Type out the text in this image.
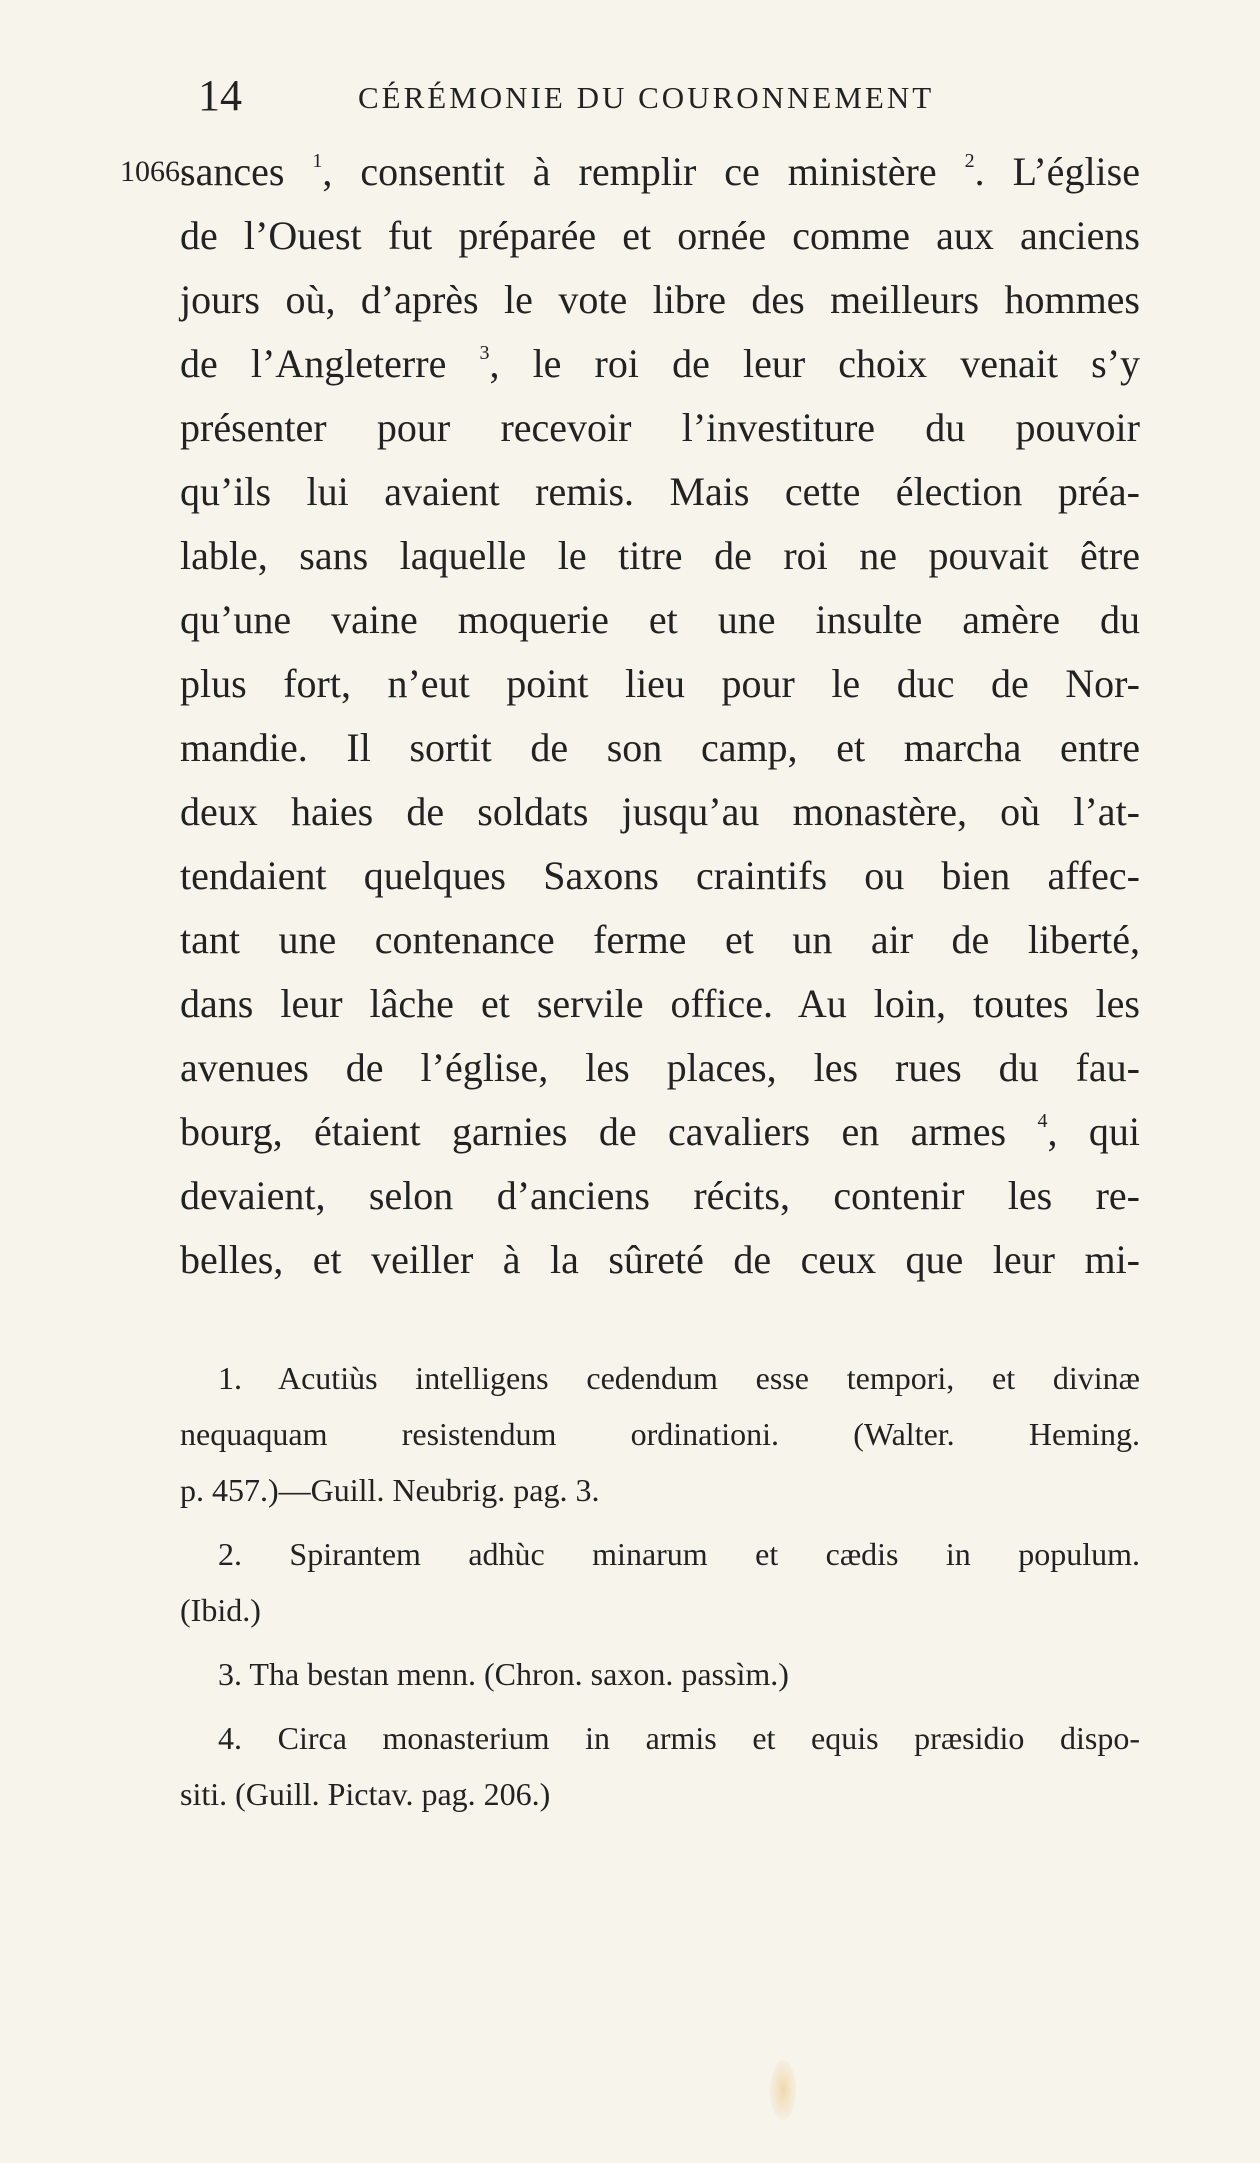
14	CÉRÉMONIE DU COURONNEMENT
1066.
sances $^1$, consentit à remplir ce ministère $^2$. L’église
de l’Ouest fut préparée et ornée comme aux anciens
jours où, d’après le vote libre des meilleurs hommes
de l’Angleterre $^3$, le roi de leur choix venait s’y
présenter pour recevoir l’investiture du pouvoir
qu’ils lui avaient remis. Mais cette élection préa-
lable, sans laquelle le titre de roi ne pouvait être
qu’une vaine moquerie et une insulte amère du
plus fort, n’eut point lieu pour le duc de Nor-
mandie. Il sortit de son camp, et marcha entre
deux haies de soldats jusqu’au monastère, où l’at-
tendaient quelques Saxons craintifs ou bien affec-
tant une contenance ferme et un air de liberté,
dans leur lâche et servile office. Au loin, toutes les
avenues de l’église, les places, les rues du fau-
bourg, étaient garnies de cavaliers en armes $^4$, qui
devaient, selon d’anciens récits, contenir les re-
belles, et veiller à la sûreté de ceux que leur mi-
1. Acutiùs intelligens cedendum esse tempori, et divinæ
nequaquam resistendum ordinationi. (Walter. Heming.
p. 457.)—Guill. Neubrig. pag. 3.
2. Spirantem adhùc minarum et cædis in populum.
(Ibid.)
3. Tha bestan menn. (Chron. saxon. passìm.)
4. Circa monasterium in armis et equis præsidio dispo-
siti. (Guill. Pictav. pag. 206.)
